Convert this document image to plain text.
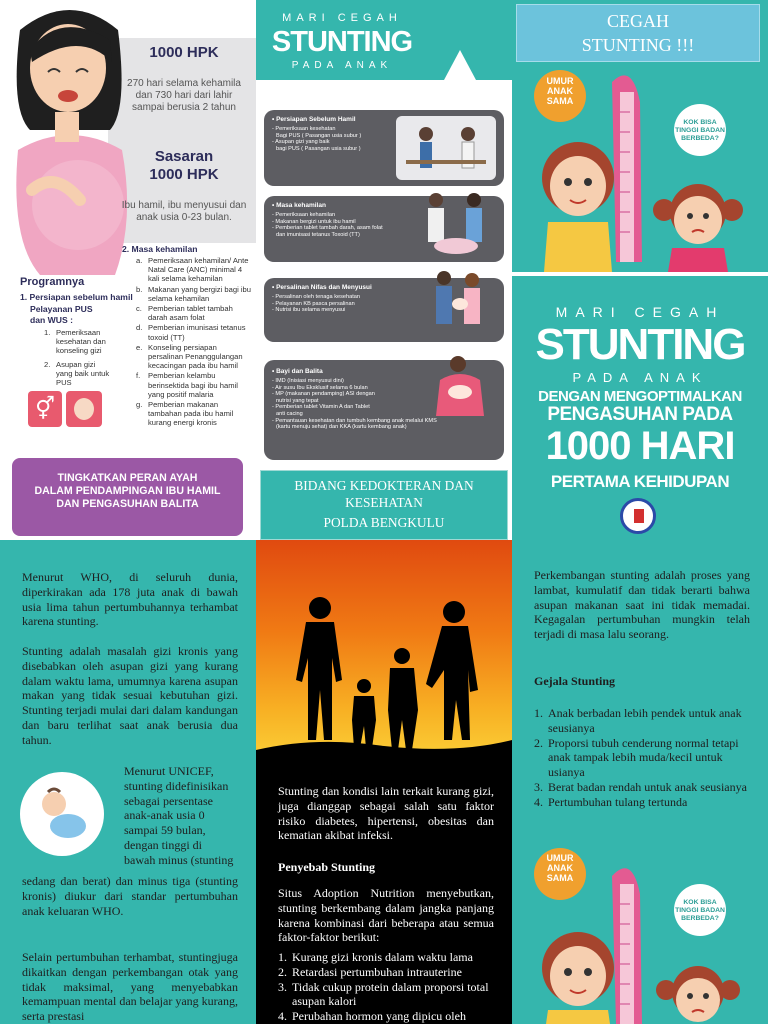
1000 HPK
270 hari selama kehamila
dan 730 hari dari lahir
sampai berusia 2 tahun
Sasaran
1000 HPK
Ibu hamil, ibu menyusui dan
anak usia 0-23 bulan.
Programnya
1. Persiapan sebelum hamil
Pelayanan PUS
dan WUS :
1. Pemeriksaan kesehatan dan konseling gizi
2. Asupan gizi yang baik untuk PUS
2. Masa kehamilan
a. Pemeriksaan kehamilan/ Ante Natal Care (ANC) minimal 4 kali selama kehamilan
b. Makanan yang bergizi bagi ibu selama kehamilan
c. Pemberian tablet tambah darah asam folat
d. Pemberian imunisasi tetanus toxoid (TT)
e. Konseling persiapan persalinan Penanggulangan kecacingan pada ibu hamil
f. Pemberian kelambu berinsektida bagi ibu hamil yang positif malaria
g. Pemberian makanan tambahan pada ibu hamil kurang energi kronis
⚥
TINGKATKAN PERAN AYAH
DALAM PENDAMPINGAN IBU HAMIL
DAN PENGASUHAN BALITA
MARI CEGAH
STUNTING
PADA ANAK
• Persiapan Sebelum Hamil
- Pemeriksaan kesehatan
Bagi PUS ( Pasangan usia subur )
- Asupan gizi yang baik
bagi PUS ( Pasangan usia subur )
• Masa kehamilan
- Pemeriksaan kehamilan
- Makanan bergizi untuk ibu hamil
- Pemberian tablet tambah darah, asam folat
dan imunisasi tetanus Toxoid (TT)
• Persalinan Nifas dan Menyusui
- Persalinan oleh tenaga kesehatan
- Pelayanan KB pasca persalinan
- Nutrisi ibu selama menyusui
• Bayi dan Balita
- IMD (Inisiasi menyusui dini)
- Air susu Ibu Eksklusif selama 6 bulan
- MP (makanan pendamping) ASI dengan
nutrisi yang tepat
- Pemberian tablet Vitamin A dan Tablet
anti cacing
- Pemantauan kesehatan dan tumbuh kembang anak melalui KMS
(kartu menuju sehat) dan KKA (kartu kembang anak)
BIDANG KEDOKTERAN DAN
KESEHATAN
POLDA BENGKULU
CEGAH
STUNTING !!!
UMUR
ANAK
SAMA
KOK BISA
TINGGI BADAN
BERBEDA?
MARI CEGAH
STUNTING
PADA ANAK
DENGAN MENGOPTIMALKAN
PENGASUHAN PADA
1000 HARI
PERTAMA KEHIDUPAN
Menurut WHO, di seluruh dunia, diperkirakan ada 178 juta anak di bawah usia lima tahun pertumbuhannya terhambat karena stunting.
Stunting adalah masalah gizi kronis yang disebabkan oleh asupan gizi yang kurang dalam waktu lama, umumnya karena asupan makan yang tidak sesuai kebutuhan gizi. Stunting terjadi mulai dari dalam kandungan dan baru terlihat saat anak berusia dua tahun.
Menurut UNICEF,
stunting didefinisikan
sebagai persentase
anak-anak usia 0
sampai 59 bulan,
dengan tinggi di
bawah minus (stunting
sedang dan berat) dan minus tiga (stunting kronis) diukur dari standar pertumbuhan anak keluaran WHO.
Selain pertumbuhan terhambat, stuntingjuga dikaitkan dengan perkembangan otak yang tidak maksimal, yang menyebabkan kemampuan mental dan belajar yang kurang, serta prestasi
Stunting dan kondisi lain terkait kurang gizi, juga dianggap sebagai salah satu faktor risiko diabetes, hipertensi, obesitas dan kematian akibat infeksi.
Penyebab Stunting
Situs Adoption Nutrition menyebutkan, stunting berkembang dalam jangka panjang karena kombinasi dari beberapa atau semua faktor-faktor berikut:
1. Kurang gizi kronis dalam waktu lama
2. Retardasi pertumbuhan intrauterine
3. Tidak cukup protein dalam proporsi total asupan kalori
4. Perubahan hormon yang dipicu oleh
Perkembangan stunting adalah proses yang lambat, kumulatif dan tidak berarti bahwa asupan makanan saat ini tidak memadai. Kegagalan pertumbuhan mungkin telah terjadi di masa lalu seorang.
Gejala Stunting
1. Anak berbadan lebih pendek untuk anak seusianya
2. Proporsi tubuh cenderung normal tetapi anak tampak lebih muda/kecil untuk usianya
3. Berat badan rendah untuk anak seusianya
4. Pertumbuhan tulang tertunda
UMUR
ANAK
SAMA
KOK BISA
TINGGI BADAN
BERBEDA?
